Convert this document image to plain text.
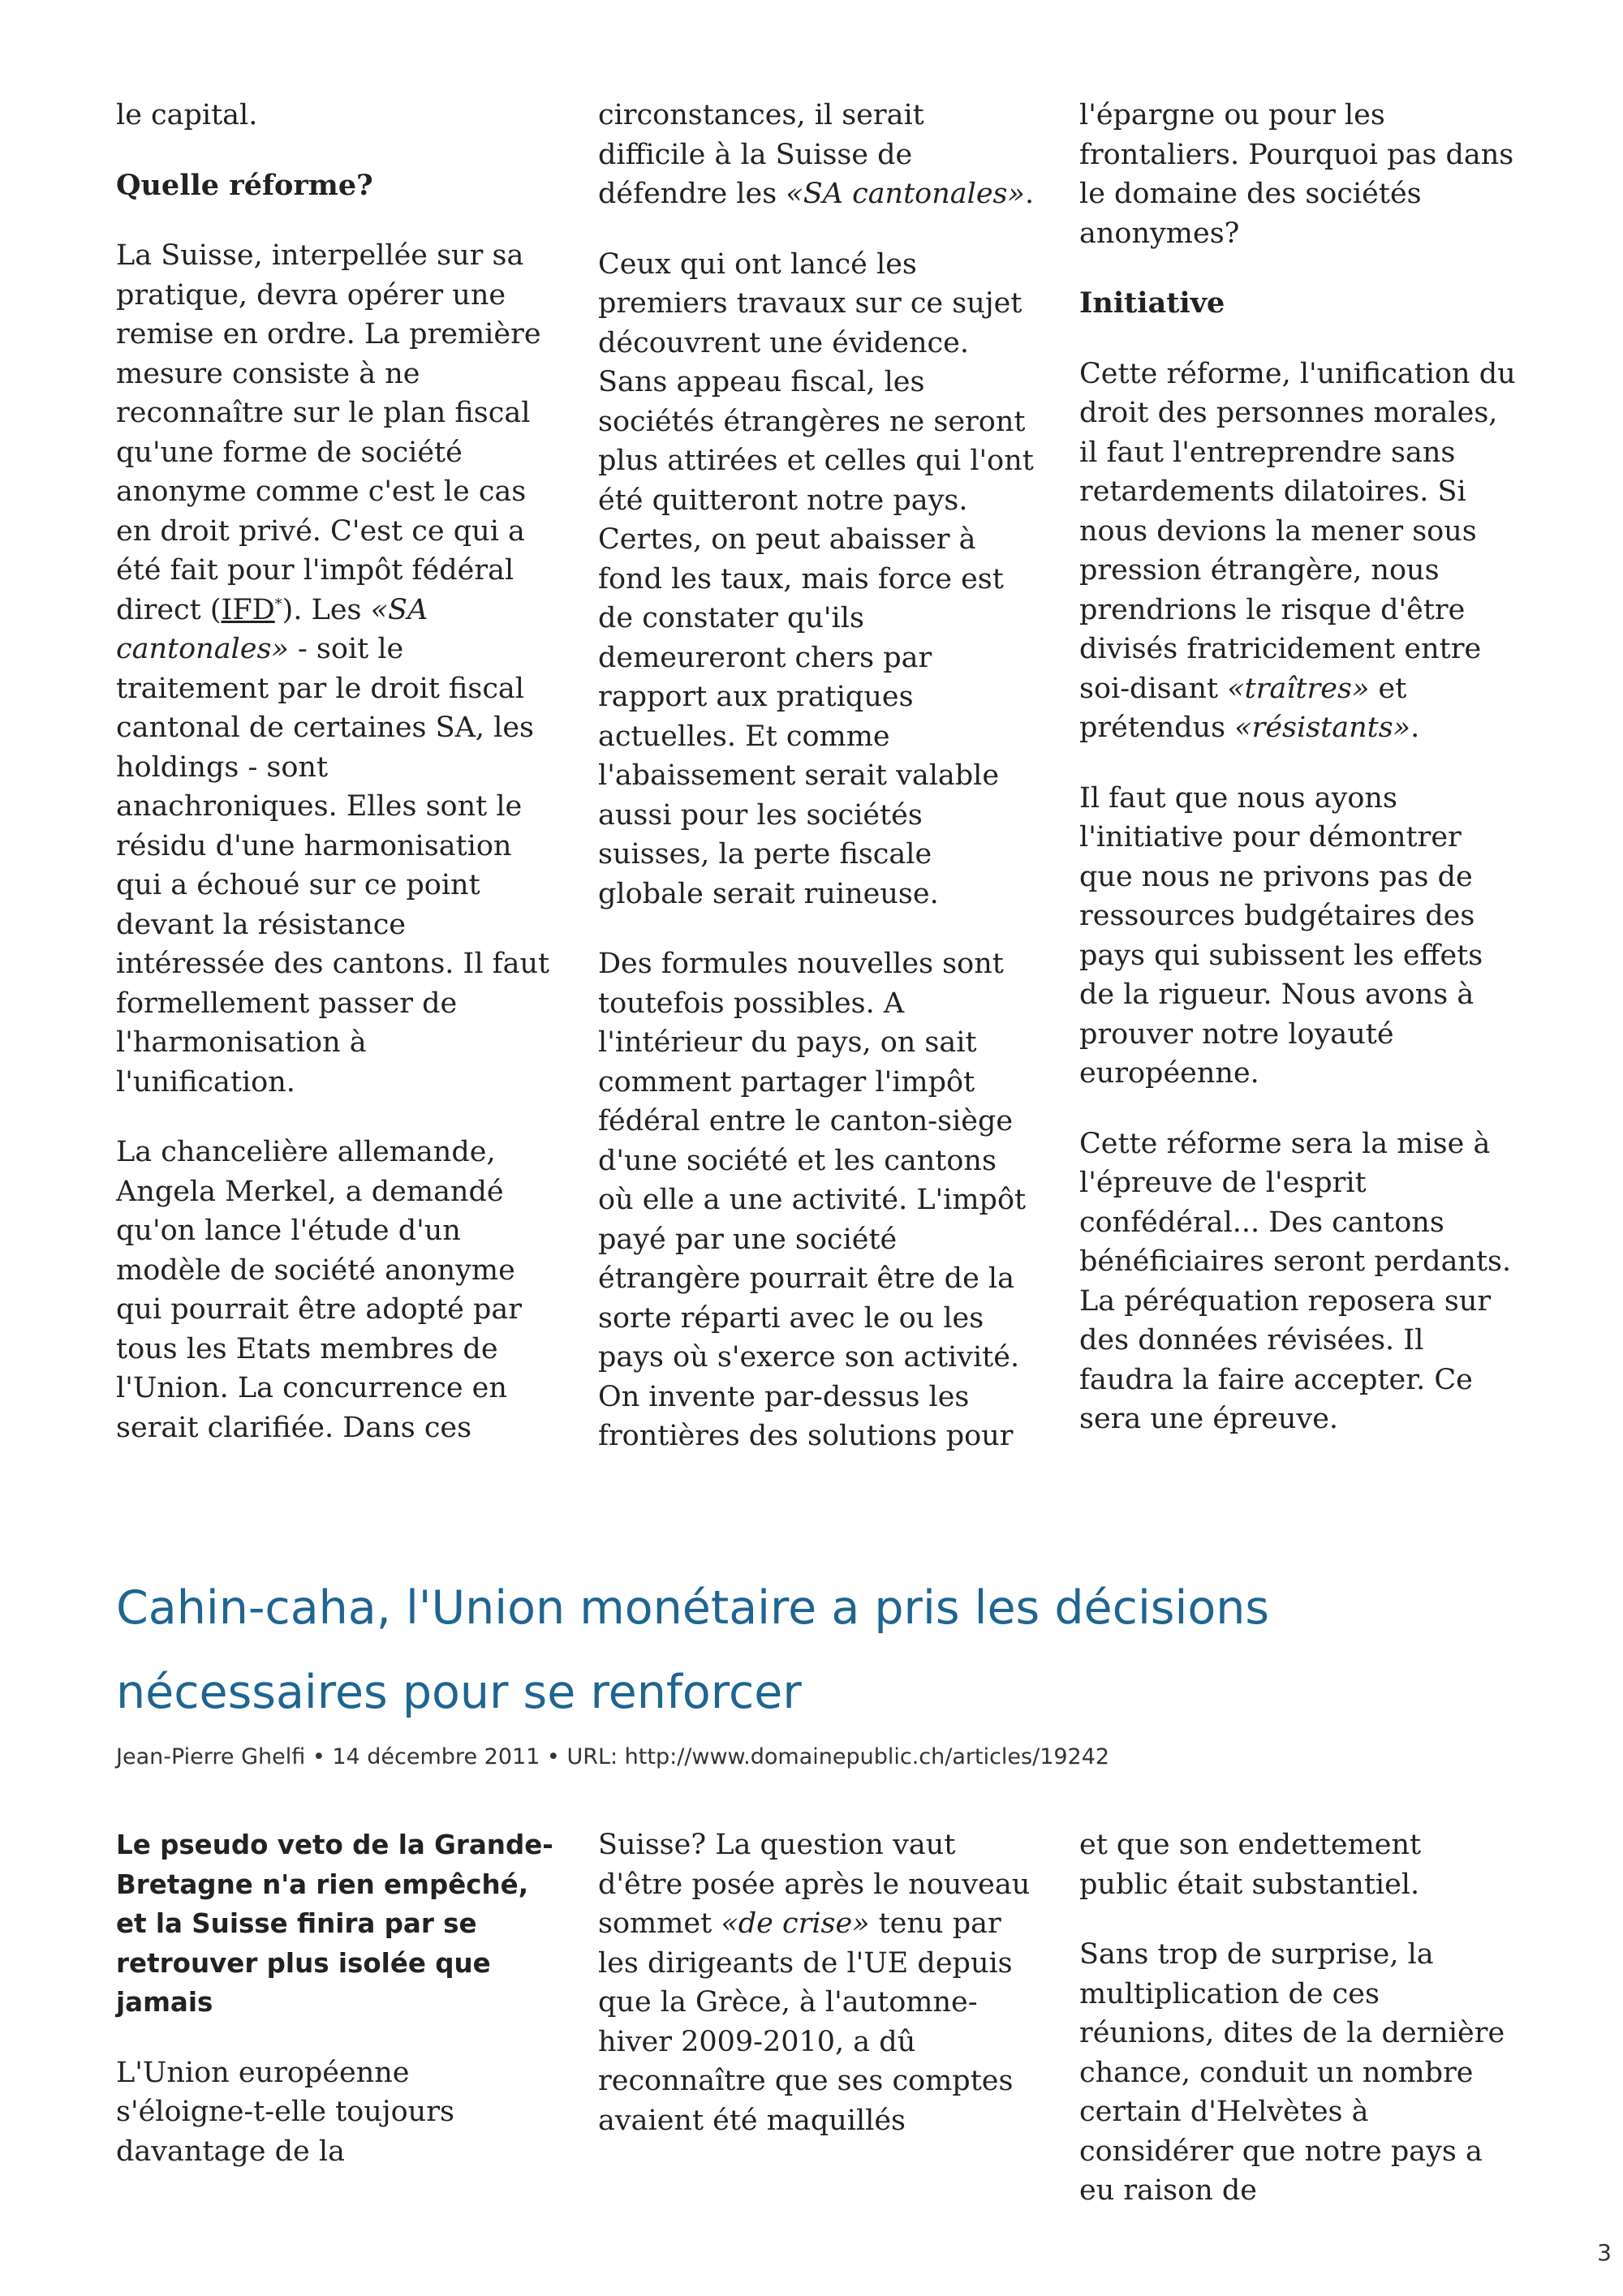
le capital.

Quelle réforme?

La Suisse, interpellée sur sa pratique, devra opérer une remise en ordre. La première mesure consiste à ne reconnaître sur le plan fiscal qu'une forme de société anonyme comme c'est le cas en droit privé. C'est ce qui a été fait pour l'impôt fédéral direct (IFD*). Les «SA cantonales» - soit le traitement par le droit fiscal cantonal de certaines SA, les holdings - sont anachroniques. Elles sont le résidu d'une harmonisation qui a échoué sur ce point devant la résistance intéressée des cantons. Il faut formellement passer de l'harmonisation à l'unification.

La chancelière allemande, Angela Merkel, a demandé qu'on lance l'étude d'un modèle de société anonyme qui pourrait être adopté par tous les Etats membres de l'Union. La concurrence en serait clarifiée. Dans ces

circonstances, il serait difficile à la Suisse de défendre les «SA cantonales».

Ceux qui ont lancé les premiers travaux sur ce sujet découvrent une évidence. Sans appeau fiscal, les sociétés étrangères ne seront plus attirées et celles qui l'ont été quitteront notre pays. Certes, on peut abaisser à fond les taux, mais force est de constater qu'ils demeureront chers par rapport aux pratiques actuelles. Et comme l'abaissement serait valable aussi pour les sociétés suisses, la perte fiscale globale serait ruineuse.

Des formules nouvelles sont toutefois possibles. A l'intérieur du pays, on sait comment partager l'impôt fédéral entre le canton-siège d'une société et les cantons où elle a une activité. L'impôt payé par une société étrangère pourrait être de la sorte réparti avec le ou les pays où s'exerce son activité. On invente par-dessus les frontières des solutions pour

l'épargne ou pour les frontaliers. Pourquoi pas dans le domaine des sociétés anonymes?

Initiative

Cette réforme, l'unification du droit des personnes morales, il faut l'entreprendre sans retardements dilatoires. Si nous devions la mener sous pression étrangère, nous prendrions le risque d'être divisés fratricidement entre soi-disant «traîtres» et prétendus «résistants».

Il faut que nous ayons l'initiative pour démontrer que nous ne privons pas de ressources budgétaires des pays qui subissent les effets de la rigueur. Nous avons à prouver notre loyauté européenne.

Cette réforme sera la mise à l'épreuve de l'esprit confédéral... Des cantons bénéficiaires seront perdants. La péréquation reposera sur des données révisées. Il faudra la faire accepter. Ce sera une épreuve.

Cahin-caha, l'Union monétaire a pris les décisions nécessaires pour se renforcer
Jean-Pierre Ghelfi • 14 décembre 2011 • URL: http://www.domainepublic.ch/articles/19242

Le pseudo veto de la Grande-Bretagne n'a rien empêché, et la Suisse finira par se retrouver plus isolée que jamais

L'Union européenne s'éloigne-t-elle toujours davantage de la

Suisse? La question vaut d'être posée après le nouveau sommet «de crise» tenu par les dirigeants de l'UE depuis que la Grèce, à l'automne-hiver 2009-2010, a dû reconnaître que ses comptes avaient été maquillés

et que son endettement public était substantiel.

Sans trop de surprise, la multiplication de ces réunions, dites de la dernière chance, conduit un nombre certain d'Helvètes à considérer que notre pays a eu raison de

3
